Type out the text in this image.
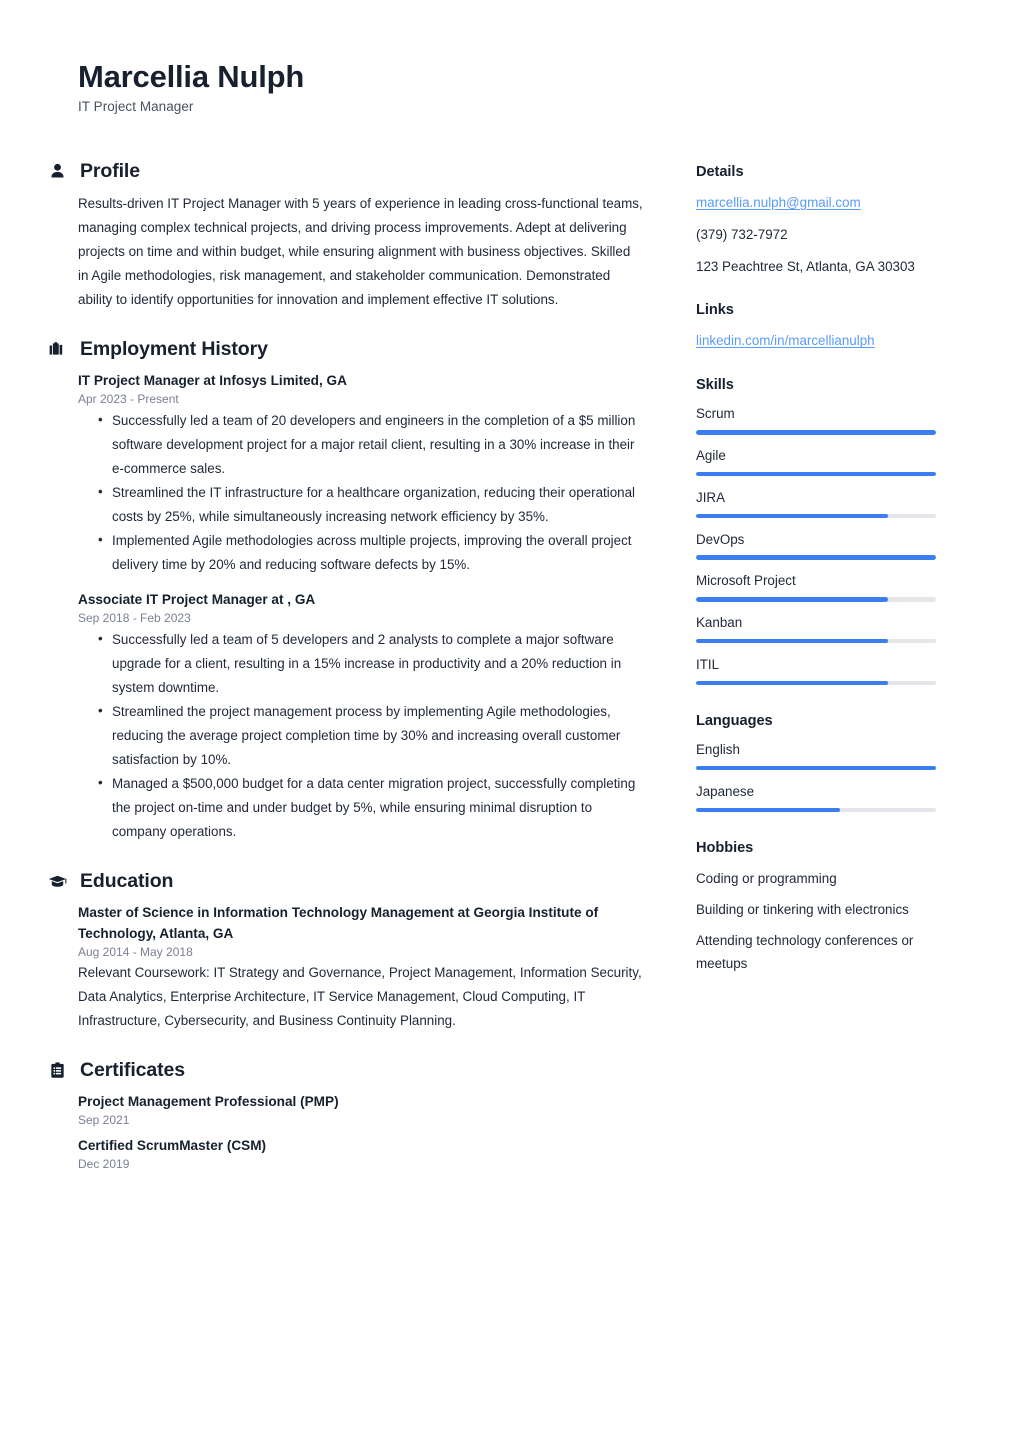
Marcellia Nulph
IT Project Manager
Profile
Results-driven IT Project Manager with 5 years of experience in leading cross-functional teams, managing complex technical projects, and driving process improvements. Adept at delivering projects on time and within budget, while ensuring alignment with business objectives. Skilled in Agile methodologies, risk management, and stakeholder communication. Demonstrated ability to identify opportunities for innovation and implement effective IT solutions.
Employment History
IT Project Manager at Infosys Limited, GA
Apr 2023 - Present
• Successfully led a team of 20 developers and engineers in the completion of a $5 million software development project for a major retail client, resulting in a 30% increase in their e-commerce sales.
• Streamlined the IT infrastructure for a healthcare organization, reducing their operational costs by 25%, while simultaneously increasing network efficiency by 35%.
• Implemented Agile methodologies across multiple projects, improving the overall project delivery time by 20% and reducing software defects by 15%.
Associate IT Project Manager at , GA
Sep 2018 - Feb 2023
• Successfully led a team of 5 developers and 2 analysts to complete a major software upgrade for a client, resulting in a 15% increase in productivity and a 20% reduction in system downtime.
• Streamlined the project management process by implementing Agile methodologies, reducing the average project completion time by 30% and increasing overall customer satisfaction by 10%.
• Managed a $500,000 budget for a data center migration project, successfully completing the project on-time and under budget by 5%, while ensuring minimal disruption to company operations.
Education
Master of Science in Information Technology Management at Georgia Institute of Technology, Atlanta, GA
Aug 2014 - May 2018
Relevant Coursework: IT Strategy and Governance, Project Management, Information Security, Data Analytics, Enterprise Architecture, IT Service Management, Cloud Computing, IT Infrastructure, Cybersecurity, and Business Continuity Planning.
Certificates
Project Management Professional (PMP)
Sep 2021
Certified ScrumMaster (CSM)
Dec 2019
Details
marcellia.nulph@gmail.com
(379) 732-7972
123 Peachtree St, Atlanta, GA 30303
Links
linkedin.com/in/marcellianulph
Skills
Scrum
Agile
JIRA
DevOps
Microsoft Project
Kanban
ITIL
Languages
English
Japanese
Hobbies
Coding or programming
Building or tinkering with electronics
Attending technology conferences or meetups
